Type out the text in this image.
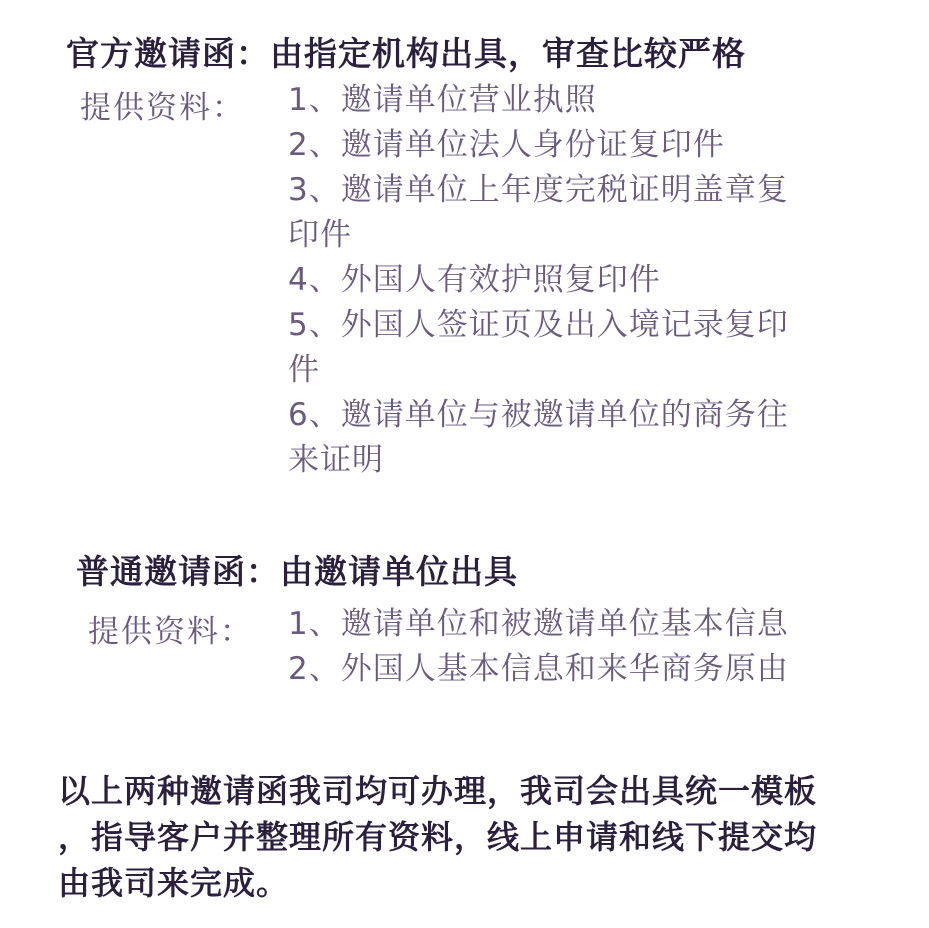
官方邀请函：由指定机构出具，审查比较严格
提供资料： 1、邀请单位营业执照
2、邀请单位法人身份证复印件
3、邀请单位上年度完税证明盖章复
印件
4、外国人有效护照复印件
5、外国人签证页及出入境记录复印
件
6、邀请单位与被邀请单位的商务往
来证明
普通邀请函：由邀请单位出具
提供资料： 1、邀请单位和被邀请单位基本信息
2、外国人基本信息和来华商务原由
以上两种邀请函我司均可办理，我司会出具统一模板
，指导客户并整理所有资料，线上申请和线下提交均
由我司来完成。
